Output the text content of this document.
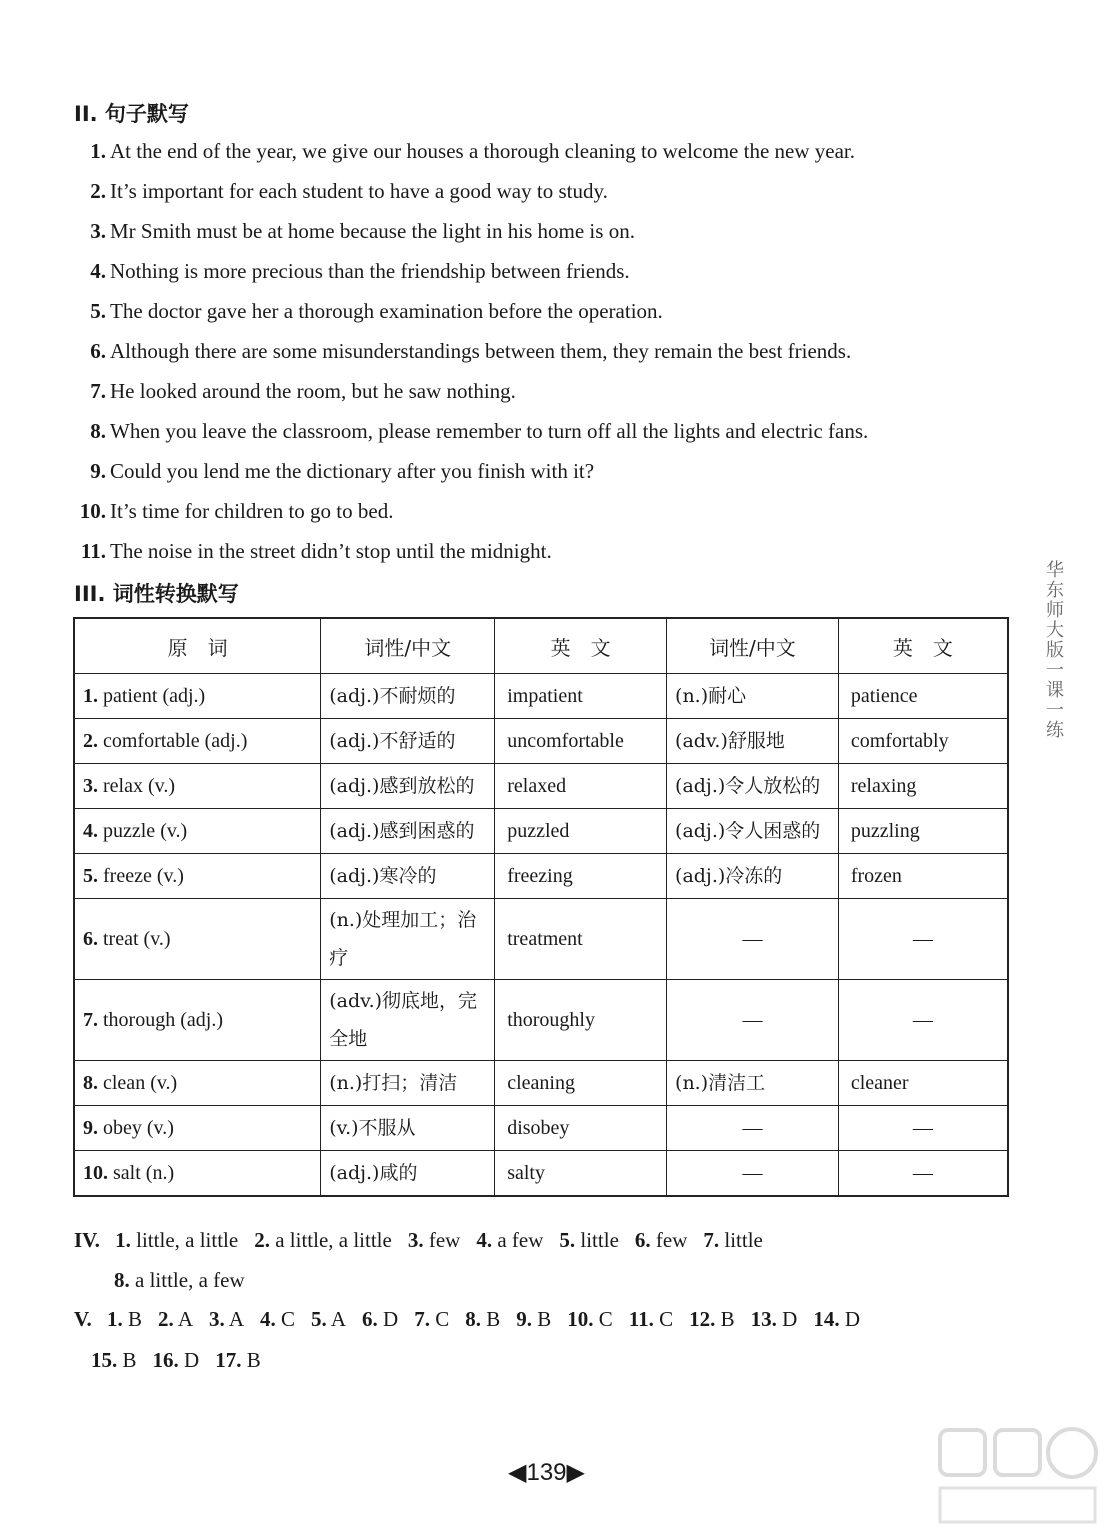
II. 句子默写
1. At the end of the year, we give our houses a thorough cleaning to welcome the new year.
2. It’s important for each student to have a good way to study.
3. Mr Smith must be at home because the light in his home is on.
4. Nothing is more precious than the friendship between friends.
5. The doctor gave her a thorough examination before the operation.
6. Although there are some misunderstandings between them, they remain the best friends.
7. He looked around the room, but he saw nothing.
8. When you leave the classroom, please remember to turn off all the lights and electric fans.
9. Could you lend me the dictionary after you finish with it?
10. It’s time for children to go to bed.
11. The noise in the street didn’t stop until the midnight.
III. 词性转换默写
原　词	词性/中文	英　文	词性/中文	英　文
1. patient (adj.)	(adj.)不耐烦的	impatient	(n.)耐心	patience
2. comfortable (adj.)	(adj.)不舒适的	uncomfortable	(adv.)舒服地	comfortably
3. relax (v.)	(adj.)感到放松的	relaxed	(adj.)令人放松的	relaxing
4. puzzle (v.)	(adj.)感到困惑的	puzzled	(adj.)令人困惑的	puzzling
5. freeze (v.)	(adj.)寒冷的	freezing	(adj.)冷冻的	frozen
6. treat (v.)	(n.)处理加工；治疗	treatment	—	—
7. thorough (adj.)	(adv.)彻底地，完全地	thoroughly	—	—
8. clean (v.)	(n.)打扫；清洁	cleaning	(n.)清洁工	cleaner
9. obey (v.)	(v.)不服从	disobey	—	—
10. salt (n.)	(adj.)咸的	salty	—	—
IV. 1. little, a little 2. a little, a little 3. few 4. a few 5. little 6. few 7. little
8. a little, a few
V. 1. B 2. A 3. A 4. C 5. A 6. D 7. C 8. B 9. B 10. C 11. C 12. B 13. D 14. D
15. B 16. D 17. B
◀139▶
华东师大版一课一练
